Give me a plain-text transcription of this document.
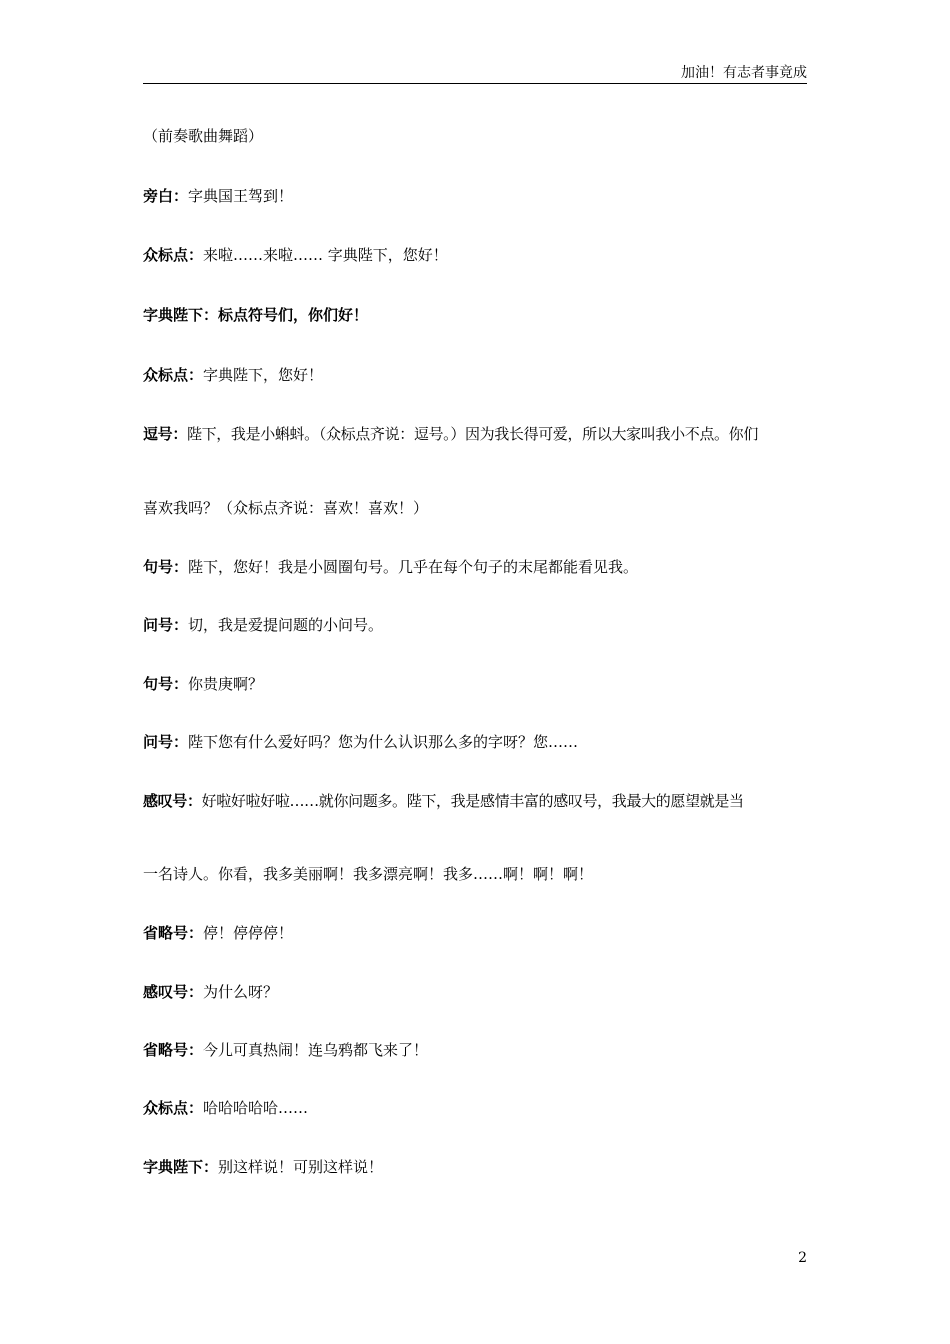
加油！有志者事竟成
（前奏歌曲舞蹈）
旁白：字典国王驾到！
众标点：来啦……来啦…… 字典陛下，您好！
字典陛下：标点符号们，你们好！
众标点：字典陛下，您好！
逗号：陛下，我是小蝌蚪。（众标点齐说：逗号。）因为我长得可爱，所以大家叫我小不点。你们
喜欢我吗？（众标点齐说：喜欢！喜欢！）
句号：陛下，您好！我是小圆圈句号。几乎在每个句子的末尾都能看见我。
问号：切，我是爱提问题的小问号。
句号：你贵庚啊？
问号：陛下您有什么爱好吗？您为什么认识那么多的字呀？您……
感叹号：好啦好啦好啦……就你问题多。陛下，我是感情丰富的感叹号，我最大的愿望就是当
一名诗人。你看，我多美丽啊！我多漂亮啊！我多……啊！啊！啊！
省略号：停！停停停！
感叹号：为什么呀？
省略号：今儿可真热闹！连乌鸦都飞来了！
众标点：哈哈哈哈哈……
字典陛下：别这样说！可别这样说！
2
